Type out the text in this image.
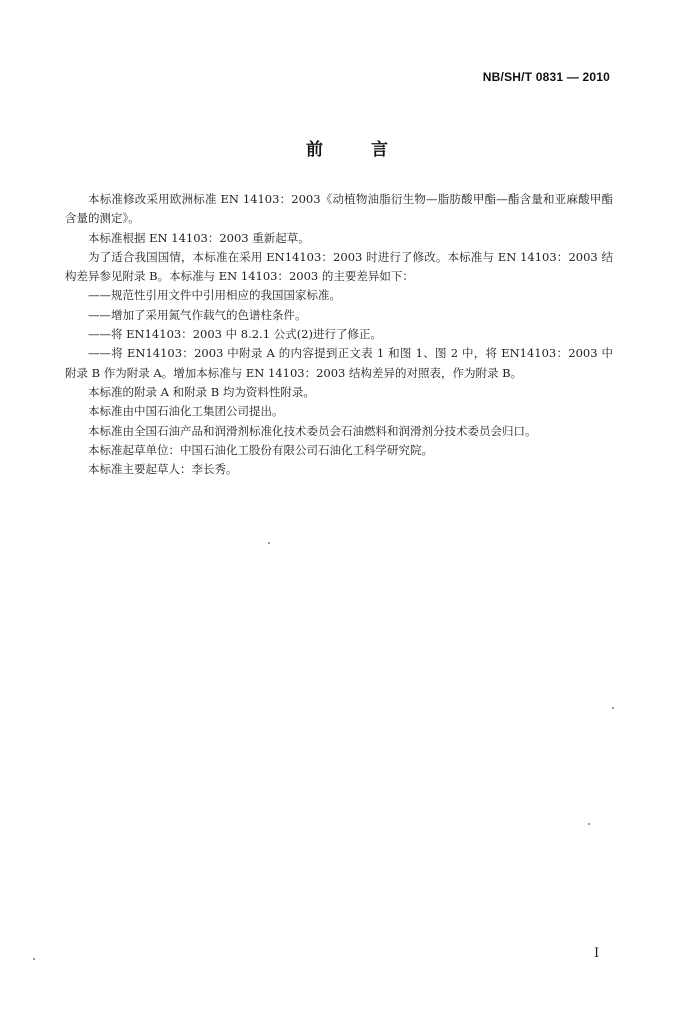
NB/SH/T 0831 — 2010
前言

本标准修改采用欧洲标准 EN 14103：2003《动植物油脂衍生物—脂肪酸甲酯—酯含量和亚麻酸甲酯含量的测定》。

本标准根据 EN 14103：2003 重新起草。

为了适合我国国情，本标准在采用 EN14103：2003 时进行了修改。本标准与 EN 14103：2003 结构差异参见附录 B。本标准与 EN 14103：2003 的主要差异如下：

——规范性引用文件中引用相应的我国国家标准。

——增加了采用氮气作载气的色谱柱条件。

——将 EN14103：2003 中 8.2.1 公式(2)进行了修正。

——将 EN14103：2003 中附录 A 的内容提到正文表 1 和图 1、图 2 中，将 EN14103：2003 中附录 B 作为附录 A。增加本标准与 EN 14103：2003 结构差异的对照表，作为附录 B。

本标准的附录 A 和附录 B 均为资料性附录。

本标准由中国石油化工集团公司提出。

本标准由全国石油产品和润滑剂标准化技术委员会石油燃料和润滑剂分技术委员会归口。

本标准起草单位：中国石油化工股份有限公司石油化工科学研究院。

本标准主要起草人：李长秀。

I
